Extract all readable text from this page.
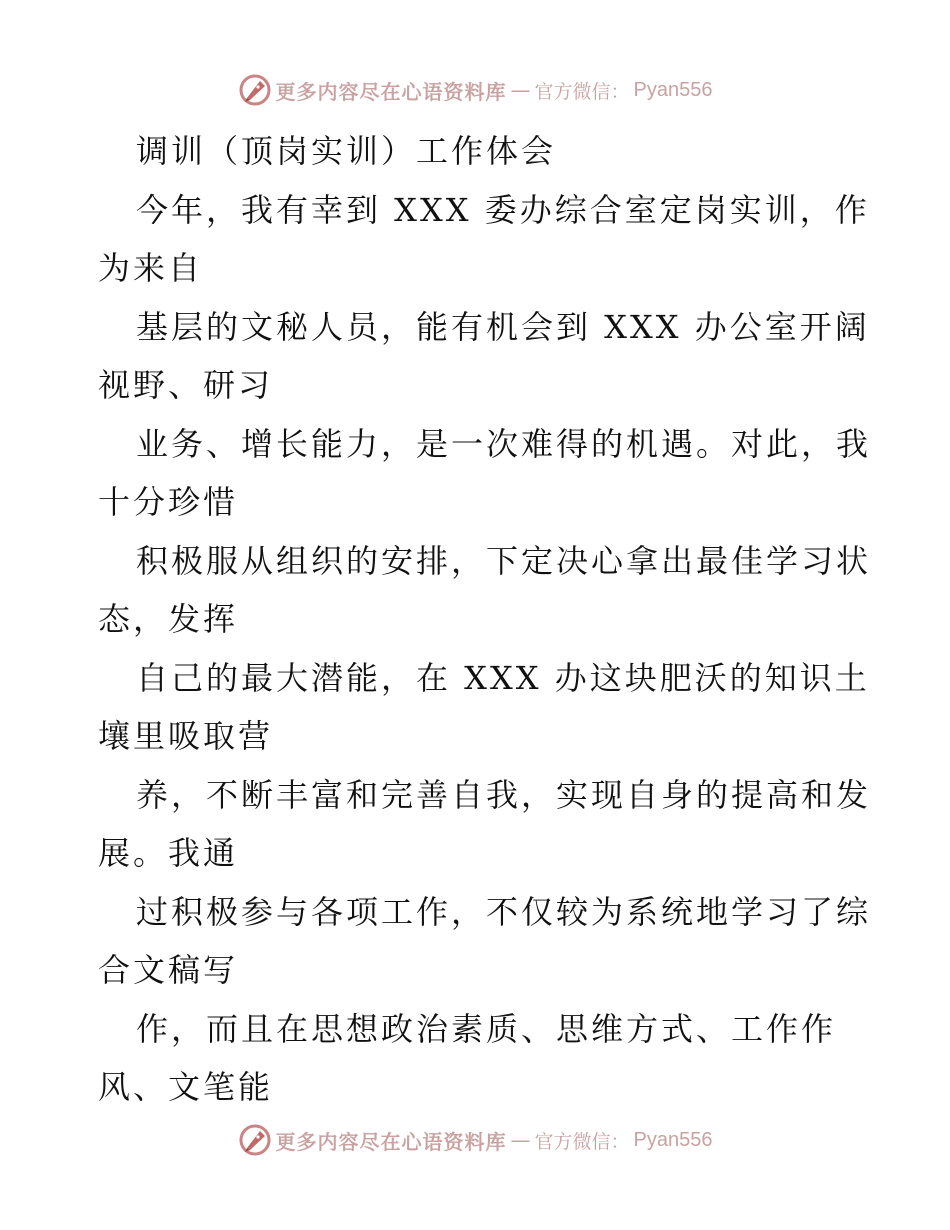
更多内容尽在心语资料库 — 官方微信： Pyan556
调训（顶岗实训）工作体会
今年，我有幸到 XXX 委办综合室定岗实训，作
为来自
基层的文秘人员，能有机会到 XXX 办公室开阔
视野、研习
业务、增长能力，是一次难得的机遇。对此，我
十分珍惜
积极服从组织的安排，下定决心拿出最佳学习状
态，发挥
自己的最大潜能，在 XXX 办这块肥沃的知识土
壤里吸取营
养，不断丰富和完善自我，实现自身的提高和发
展。我通
过积极参与各项工作，不仅较为系统地学习了综
合文稿写
作，而且在思想政治素质、思维方式、工作作
风、文笔能
更多内容尽在心语资料库 — 官方微信： Pyan556
